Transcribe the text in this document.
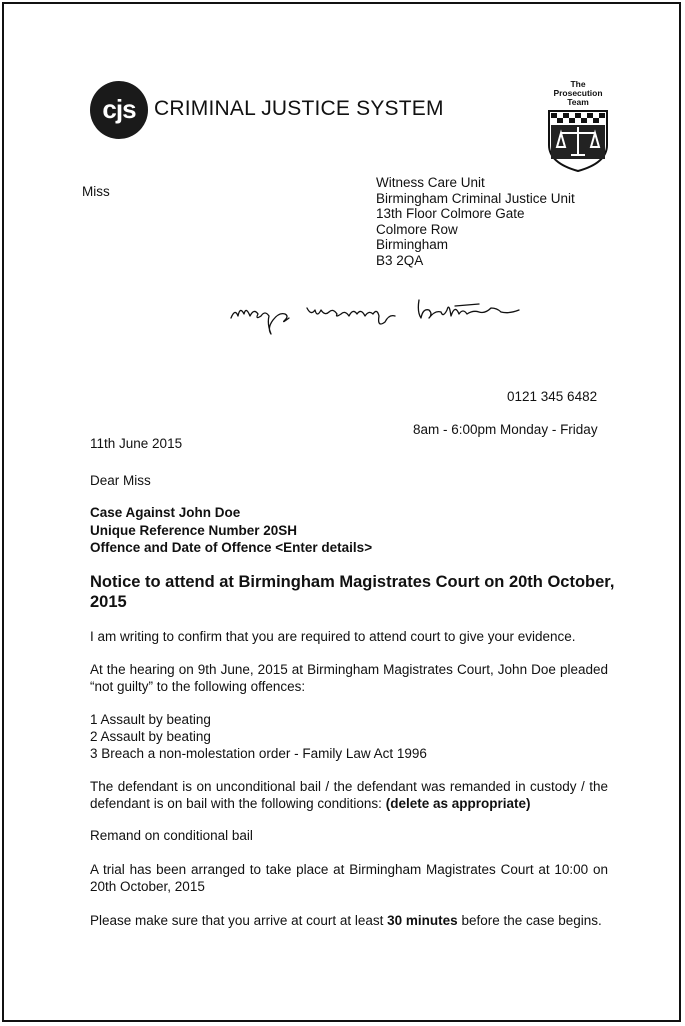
cjs CRIMINAL JUSTICE SYSTEM
The
Prosecution
Team
Miss
Witness Care Unit
Birmingham Criminal Justice Unit
13th Floor Colmore Gate
Colmore Row
Birmingham
B3 2QA
0121 345 6482
8am - 6:00pm Monday - Friday
11th June 2015
Dear Miss
Case Against John Doe
Unique Reference Number 20SH
Offence and Date of Offence <Enter details>
Notice to attend at Birmingham Magistrates Court on 20th October, 2015
I am writing to confirm that you are required to attend court to give your evidence.
At the hearing on 9th June, 2015 at Birmingham Magistrates Court, John Doe pleaded “not guilty” to the following offences:
1 Assault by beating
2 Assault by beating
3 Breach a non-molestation order - Family Law Act 1996
The defendant is on unconditional bail / the defendant was remanded in custody / the defendant is on bail with the following conditions: (delete as appropriate)
Remand on conditional bail
A trial has been arranged to take place at Birmingham Magistrates Court at 10:00 on 20th October, 2015
Please make sure that you arrive at court at least 30 minutes before the case begins.
